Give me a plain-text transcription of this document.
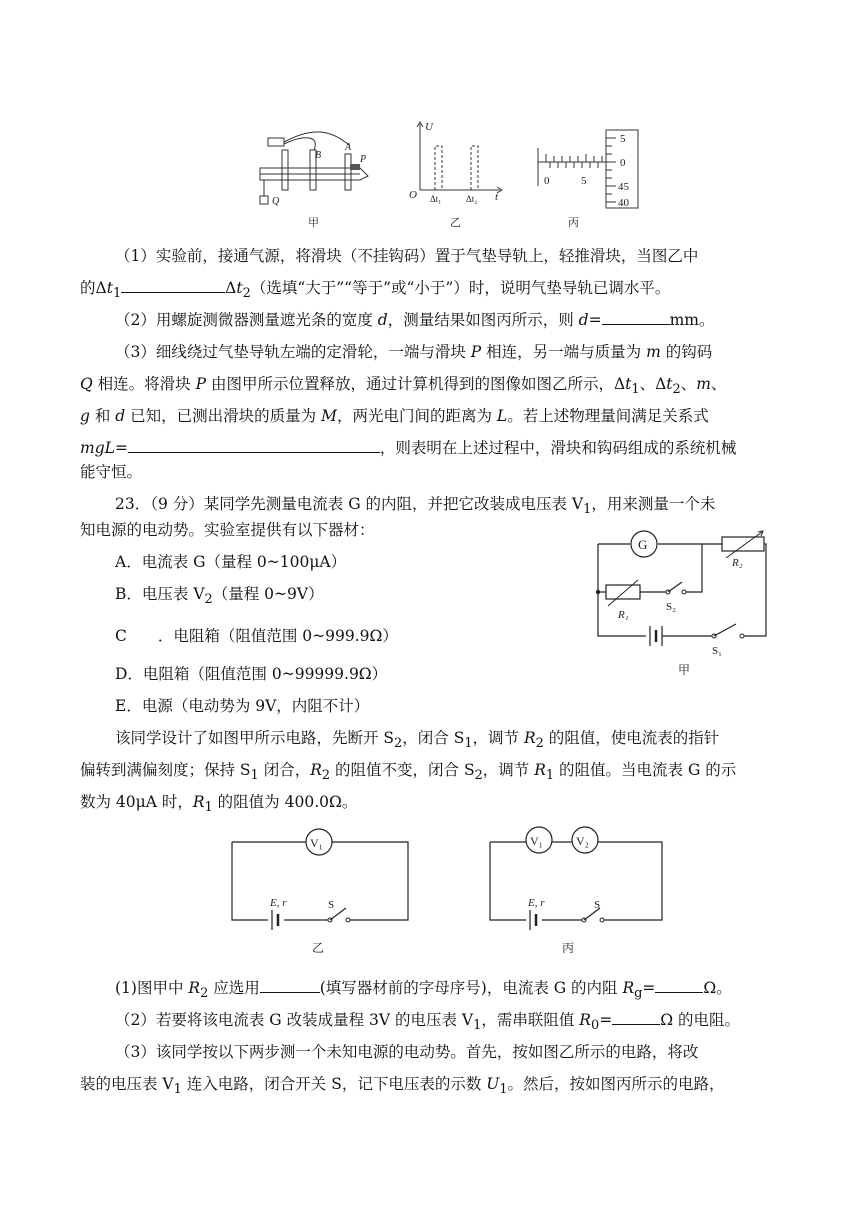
B
A
P
Q
甲
U
O	t
Δt₁	Δt₂
乙
0	5
5
0
45
40
丙
（1）实验前，接通气源，将滑块（不挂钩码）置于气垫导轨上，轻推滑块，当图乙中
的$\Delta t_1$	$\Delta t_2$（选填“大于”“等于”或“小于”）时，说明气垫导轨已调水平。
（2）用螺旋测微器测量遮光条的宽度 d，测量结果如图丙所示，则 d=	mm。
（3）细线绕过气垫导轨左端的定滑轮，一端与滑块 P 相连，另一端与质量为 m 的钩码
Q 相连。将滑块 P 由图甲所示位置释放，通过计算机得到的图像如图乙所示，$\Delta t_1$、$\Delta t_2$、m、
g 和 d 已知，已测出滑块的质量为 M，两光电门间的距离为 L。若上述物理量间满足关系式
mgL=	，则表明在上述过程中，滑块和钩码组成的系统机械
能守恒。
23．（9 分）某同学先测量电流表 G 的内阻，并把它改装成电压表 $V_1$，用来测量一个未
知电源的电动势。实验室提供有以下器材：
A．电流表 G（量程 0~100μA）
B．电压表 $V_2$（量程 0~9V）
C　　．电阻箱（阻值范围 0~999.9Ω）
D．电阻箱（阻值范围 0~99999.9Ω）
E．电源（电动势为 9V，内阻不计）
G
R₂
R₁
S₂
S₁
甲
该同学设计了如图甲所示电路，先断开 $S_2$，闭合 $S_1$，调节 $R_2$ 的阻值，使电流表的指针
偏转到满偏刻度；保持 $S_1$ 闭合，$R_2$ 的阻值不变，闭合 $S_2$，调节 $R_1$ 的阻值。当电流表 G 的示
数为 40μA 时，$R_1$ 的阻值为 400.0Ω。
V₁
E, r	S
乙
V₁	V₂
E, r	S
丙
(1)图甲中 $R_2$ 应选用	(填写器材前的字母序号)，电流表 G 的内阻 $R_g=$	Ω。
（2）若要将该电流表 G 改装成量程 3V 的电压表 $V_1$，需串联阻值 $R_0=$	Ω 的电阻。
（3）该同学按以下两步测一个未知电源的电动势。首先，按如图乙所示的电路，将改
装的电压表 $V_1$ 连入电路，闭合开关 S，记下电压表的示数 $U_1$。然后，按如图丙所示的电路，
